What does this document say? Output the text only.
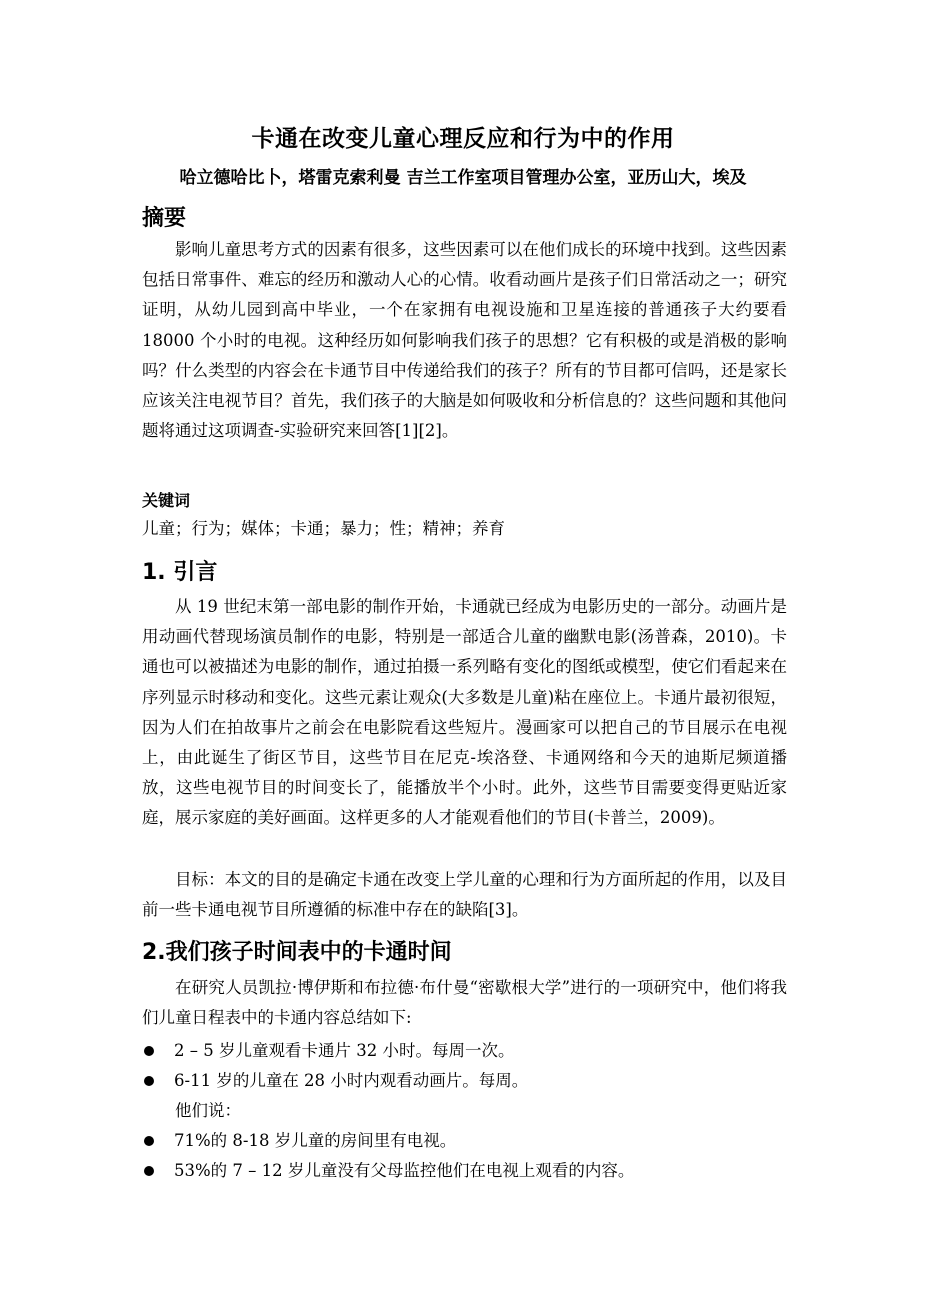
卡通在改变儿童心理反应和行为中的作用
哈立德哈比卜，塔雷克索利曼 吉兰工作室项目管理办公室，亚历山大，埃及
摘要

影响儿童思考方式的因素有很多，这些因素可以在他们成长的环境中找到。这些因素包括日常事件、难忘的经历和激动人心的心情。收看动画片是孩子们日常活动之一；研究证明，从幼儿园到高中毕业，一个在家拥有电视设施和卫星连接的普通孩子大约要看 18000 个小时的电视。这种经历如何影响我们孩子的思想？它有积极的或是消极的影响吗？什么类型的内容会在卡通节目中传递给我们的孩子？所有的节目都可信吗，还是家长应该关注电视节目？首先，我们孩子的大脑是如何吸收和分析信息的？这些问题和其他问题将通过这项调查-实验研究来回答[1][2]。

关键词
儿童；行为；媒体；卡通；暴力；性；精神；养育
1. 引言

从 19 世纪末第一部电影的制作开始，卡通就已经成为电影历史的一部分。动画片是用动画代替现场演员制作的电影，特别是一部适合儿童的幽默电影(汤普森，2010)。卡通也可以被描述为电影的制作，通过拍摄一系列略有变化的图纸或模型，使它们看起来在序列显示时移动和变化。这些元素让观众(大多数是儿童)粘在座位上。卡通片最初很短，因为人们在拍故事片之前会在电影院看这些短片。漫画家可以把自己的节目展示在电视上，由此诞生了街区节目，这些节目在尼克-埃洛登、卡通网络和今天的迪斯尼频道播放，这些电视节目的时间变长了，能播放半个小时。此外，这些节目需要变得更贴近家庭，展示家庭的美好画面。这样更多的人才能观看他们的节目(卡普兰，2009)。

目标：本文的目的是确定卡通在改变上学儿童的心理和行为方面所起的作用，以及目前一些卡通电视节目所遵循的标准中存在的缺陷[3]。

2.我们孩子时间表中的卡通时间

在研究人员凯拉·博伊斯和布拉德·布什曼“密歇根大学”进行的一项研究中，他们将我们儿童日程表中的卡通内容总结如下:

2 – 5 岁儿童观看卡通片 32 小时。每周一次。
6-11 岁的儿童在 28 小时内观看动画片。每周。
他们说：
71%的 8-18 岁儿童的房间里有电视。
53%的 7 – 12 岁儿童没有父母监控他们在电视上观看的内容。
